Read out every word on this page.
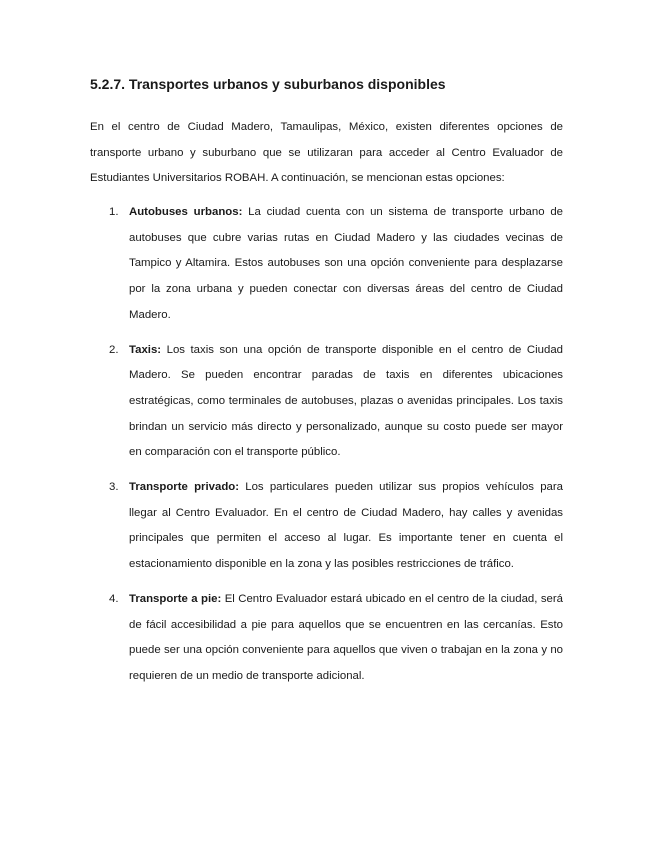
5.2.7. Transportes urbanos y suburbanos disponibles

En el centro de Ciudad Madero, Tamaulipas, México, existen diferentes opciones de transporte urbano y suburbano que se utilizaran para acceder al Centro Evaluador de Estudiantes Universitarios ROBAH. A continuación, se mencionan estas opciones:

1. Autobuses urbanos: La ciudad cuenta con un sistema de transporte urbano de autobuses que cubre varias rutas en Ciudad Madero y las ciudades vecinas de Tampico y Altamira. Estos autobuses son una opción conveniente para desplazarse por la zona urbana y pueden conectar con diversas áreas del centro de Ciudad Madero.
2. Taxis: Los taxis son una opción de transporte disponible en el centro de Ciudad Madero. Se pueden encontrar paradas de taxis en diferentes ubicaciones estratégicas, como terminales de autobuses, plazas o avenidas principales. Los taxis brindan un servicio más directo y personalizado, aunque su costo puede ser mayor en comparación con el transporte público.
3. Transporte privado: Los particulares pueden utilizar sus propios vehículos para llegar al Centro Evaluador. En el centro de Ciudad Madero, hay calles y avenidas principales que permiten el acceso al lugar. Es importante tener en cuenta el estacionamiento disponible en la zona y las posibles restricciones de tráfico.
4. Transporte a pie: El Centro Evaluador estará ubicado en el centro de la ciudad, será de fácil accesibilidad a pie para aquellos que se encuentren en las cercanías. Esto puede ser una opción conveniente para aquellos que viven o trabajan en la zona y no requieren de un medio de transporte adicional.
